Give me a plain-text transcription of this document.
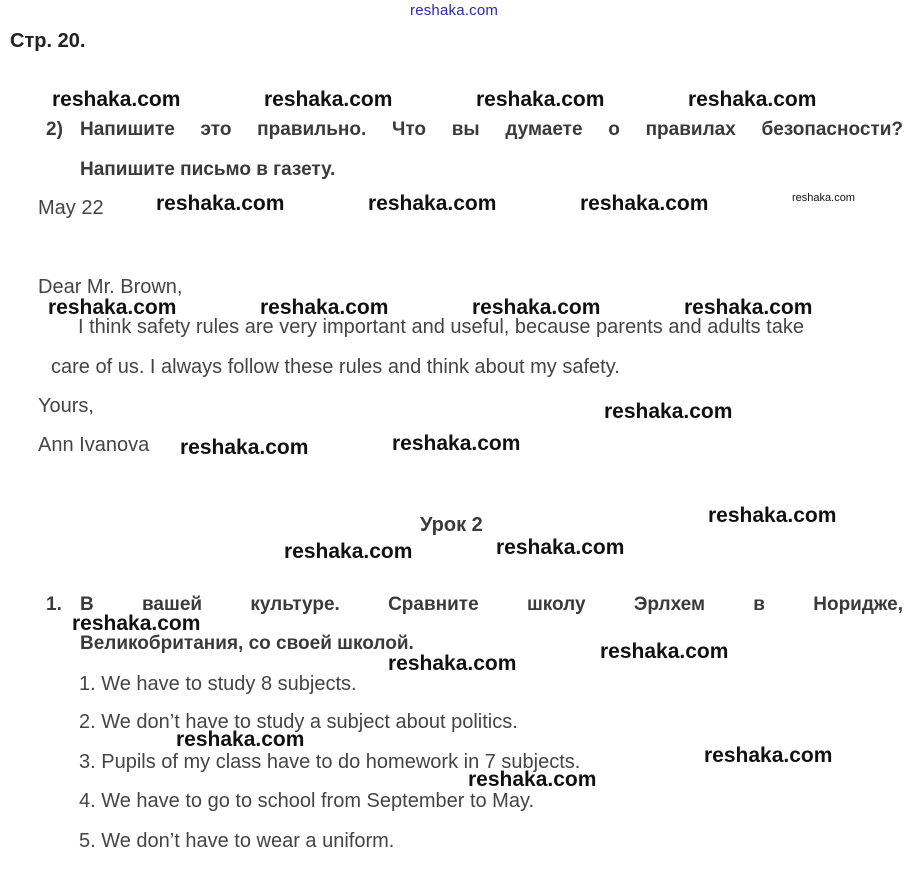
reshaka.com
Стр. 20.
reshaka.com	reshaka.com	reshaka.com	reshaka.com
2) Напишите это правильно. Что вы думаете о правилах безопасности?
Напишите письмо в газету.
May 22 reshaka.com	reshaka.com	reshaka.com	reshaka.com
Dear Mr. Brown,
reshaka.com	reshaka.com	reshaka.com	reshaka.com
I think safety rules are very important and useful, because parents and adults take
care of us. I always follow these rules and think about my safety.
Yours,	reshaka.com
Ann Ivanova reshaka.com	reshaka.com
Урок 2	reshaka.com
reshaka.com	reshaka.com
1. В	вашей	культуре.	Сравните	школу	Эрлхем	в	Норидже,
reshaka.com
Великобритания, со своей школой.	reshaka.com
reshaka.com
1. We have to study 8 subjects.
2. We don’t have to study a subject about politics.
reshaka.com
3. Pupils of my class have to do homework in 7 subjects.	reshaka.com
reshaka.com
4. We have to go to school from September to May.
5. We don’t have to wear a uniform.
